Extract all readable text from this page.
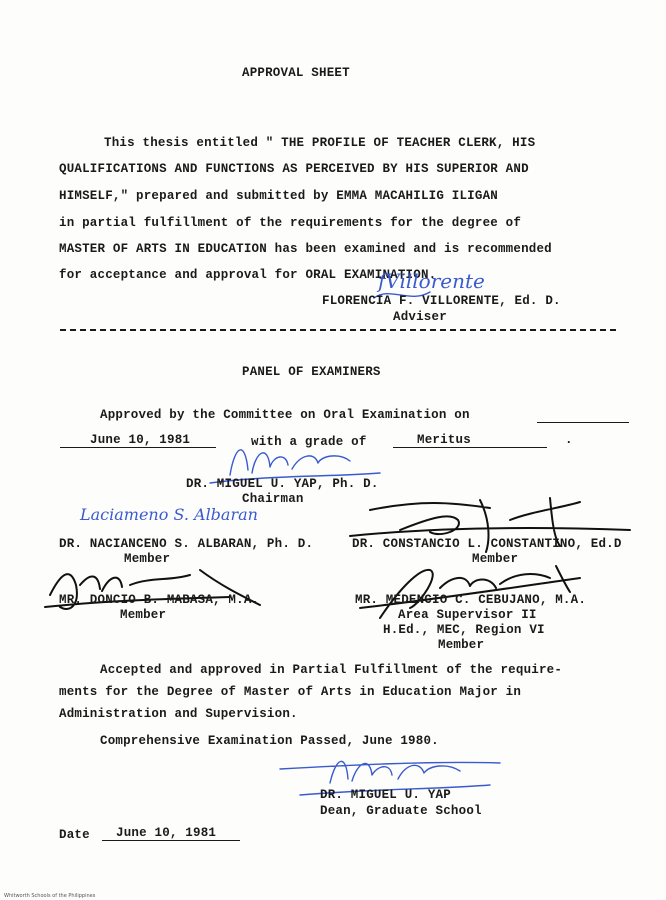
APPROVAL SHEET
This thesis entitled " THE PROFILE OF TEACHER CLERK, HIS
QUALIFICATIONS AND FUNCTIONS AS PERCEIVED BY HIS SUPERIOR AND
HIMSELF," prepared and submitted by EMMA MACAHILIG ILIGAN
in partial fulfillment of the requirements for the degree of
MASTER OF ARTS IN EDUCATION has been examined and is recommended
for acceptance and approval for ORAL EXAMINATION.
fVillorente
FLORENCIA F. VILLORENTE, Ed. D.
Adviser
PANEL OF EXAMINERS
Approved by the Committee on Oral Examination on
June 10, 1981	with a grade of	Meritus	.
DR. MIGUEL U. YAP, Ph. D.
Chairman
Laciameno S. Albaran
DR. NACIANCENO S. ALBARAN, Ph. D.
Member
DR. CONSTANCIO L. CONSTANTINO, Ed.D
Member
MR. DONCIO B. MABASA, M.A.
Member
MR. MEDENCIO C. CEBUJANO, M.A.
Area Supervisor II
H.Ed., MEC, Region VI
Member
Accepted and approved in Partial Fulfillment of the require-
ments for the Degree of Master of Arts in Education Major in
Administration and Supervision.
Comprehensive Examination Passed, June 1980.
DR. MIGUEL U. YAP
Dean, Graduate School
Date	June 10, 1981
Whitworth Schools of the Philippines
